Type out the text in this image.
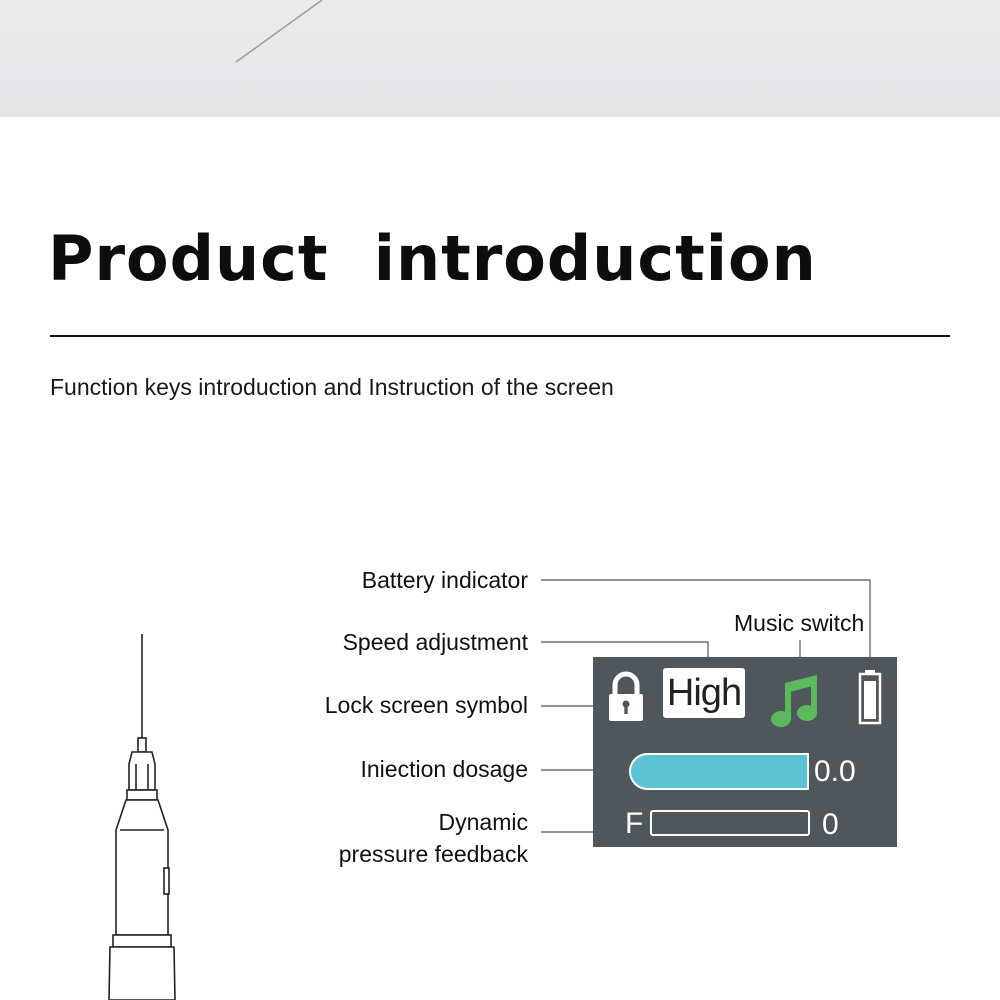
Product  introduction
Function keys introduction and Instruction of the screen
Battery indicator
Speed adjustment
Lock screen symbol
Iniection dosage
Dynamic
pressure feedback
Music switch
High
0.0
F	0
